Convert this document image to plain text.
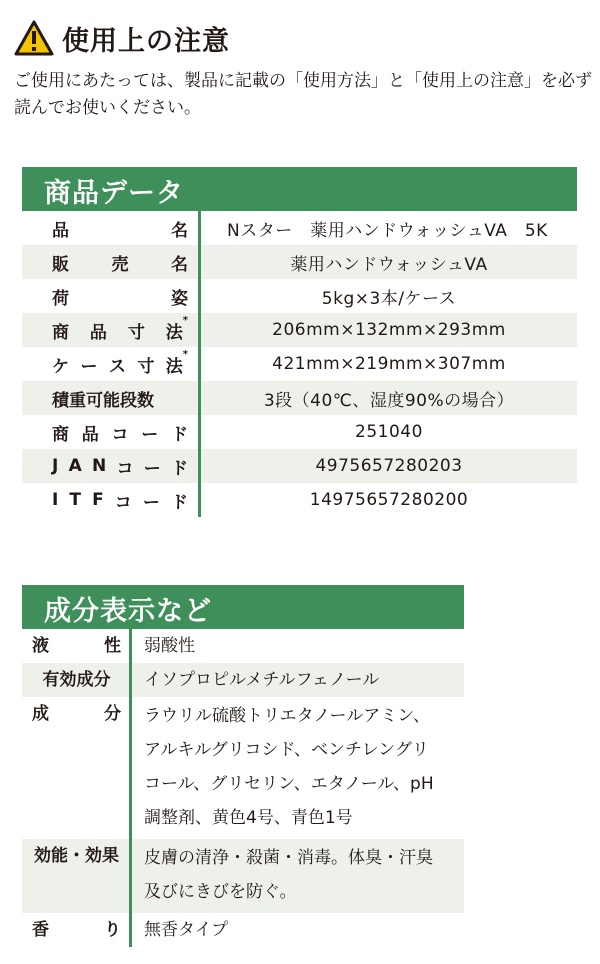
使用上の注意

ご使用にあたっては、製品に記載の「使用方法」と「使用上の注意」を必ず読んでお使いください。

商品データ
品	名	Nスター　薬用ハンドウォッシュVA　5K
販	売	名	薬用ハンドウォッシュVA
荷	姿	5kg×3本/ケース
商 品 寸 法*	206mm×132mm×293mm
ケ ー ス 寸 法*	421mm×219mm×307mm
積重可能段数	3段（40℃、湿度90%の場合）
商 品 コ ー ド	251040
J A N コ ー ド	4975657280203
I T F コ ー ド	14975657280200
成分表示など
液	性 弱酸性
有効成分 イソプロピルメチルフェノール
成	分 ラウリル硫酸トリエタノールアミン、
アルキルグリコシド、ベンチレングリ
コール、グリセリン、エタノール、pH
調整剤、黄色4号、青色1号
効能・効果 皮膚の清浄・殺菌・消毒。体臭・汗臭
及びにきびを防ぐ。
香	り 無香タイプ
